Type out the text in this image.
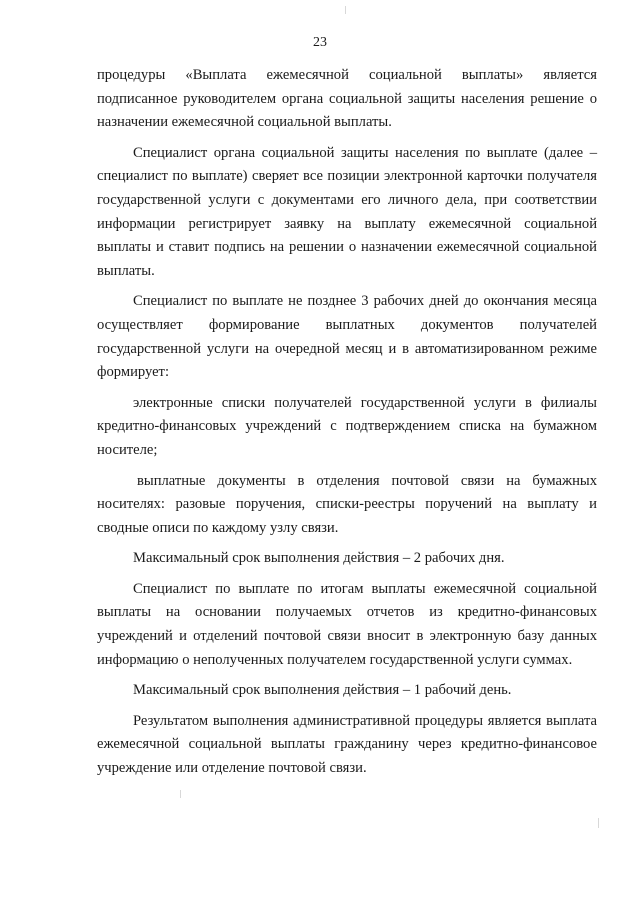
23

процедуры «Выплата ежемесячной социальной выплаты» является подписанное руководителем органа социальной защиты населения решение о назначении ежемесячной социальной выплаты.

Специалист органа социальной защиты населения по выплате (далее – специалист по выплате) сверяет все позиции электронной карточки получателя государственной услуги с документами его личного дела, при соответствии информации регистрирует заявку на выплату ежемесячной социальной выплаты и ставит подпись на решении о назначении ежемесячной социальной выплаты.

Специалист по выплате не позднее 3 рабочих дней до окончания месяца осуществляет формирование выплатных документов получателей государственной услуги на очередной месяц и в автоматизированном режиме формирует:

электронные списки получателей государственной услуги в филиалы кредитно-финансовых учреждений с подтверждением списка на бумажном носителе;

выплатные документы в отделения почтовой связи на бумажных носителях: разовые поручения, списки-реестры поручений на выплату и сводные описи по каждому узлу связи.

Максимальный срок выполнения действия – 2 рабочих дня.

Специалист по выплате по итогам выплаты ежемесячной социальной выплаты на основании получаемых отчетов из кредитно-финансовых учреждений и отделений почтовой связи вносит в электронную базу данных информацию о неполученных получателем государственной услуги суммах.

Максимальный срок выполнения действия – 1 рабочий день.

Результатом выполнения административной процедуры является выплата ежемесячной социальной выплаты гражданину через кредитно-финансовое учреждение или отделение почтовой связи.
